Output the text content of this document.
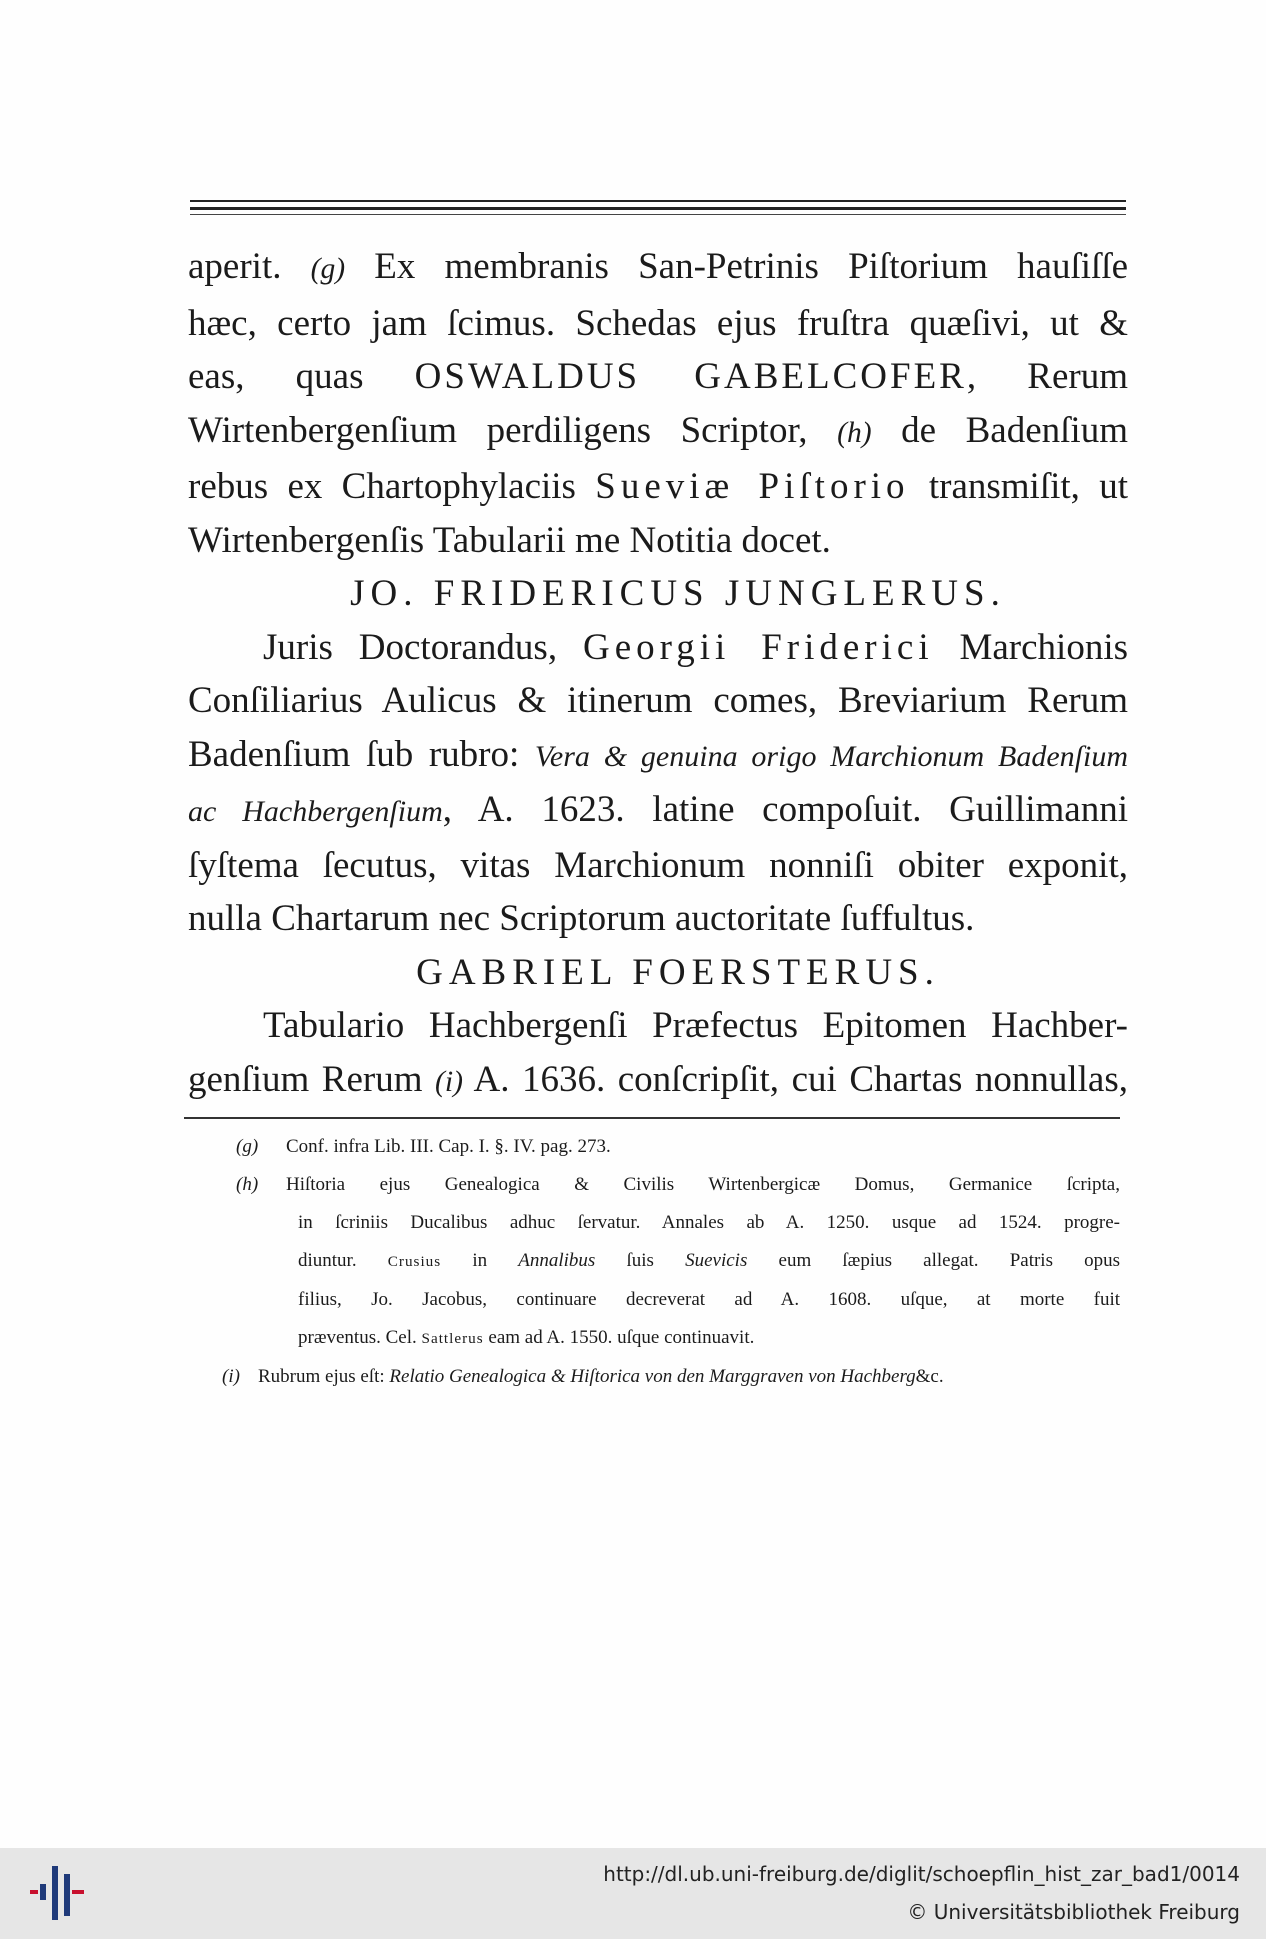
aperit. (g) Ex membranis San-Petrinis Piſtorium hauſiſſe
hæc, certo jam ſcimus. Schedas ejus fruſtra quæſivi, ut &
eas, quas OSWALDUS GABELCOFER, Rerum
Wirtenbergenſium perdiligens Scriptor, (h) de Badenſium
rebus ex Chartophylaciis Sueviæ Piſtorio transmiſit, ut
Wirtenbergenſis Tabularii me Notitia docet.
JO. FRIDERICUS JUNGLERUS.
Juris Doctorandus, Georgii Friderici Marchionis
Conſiliarius Aulicus & itinerum comes, Breviarium Rerum
Badenſium ſub rubro: Vera & genuina origo Marchionum Badenſium
ac Hachbergenſium, A. 1623. latine compoſuit. Guillimanni
ſyſtema ſecutus, vitas Marchionum nonniſi obiter exponit,
nulla Chartarum nec Scriptorum auctoritate ſuffultus.
GABRIEL FOERSTERUS.
Tabulario Hachbergenſi Præfectus Epitomen Hachber-
genſium Rerum (i) A. 1636. conſcripſit, cui Chartas nonnullas,
(g) Conf. infra Lib. III. Cap. I. §. IV. pag. 273.
(h) Hiſtoria ejus Genealogica & Civilis Wirtenbergicæ Domus, Germanice ſcripta,
in ſcriniis Ducalibus adhuc ſervatur. Annales ab A. 1250. usque ad 1524. progre-
diuntur. Crusius in Annalibus ſuis Suevicis eum ſæpius allegat. Patris opus
filius, Jo. Jacobus, continuare decreverat ad A. 1608. uſque, at morte fuit
præventus. Cel. Sattlerus eam ad A. 1550. uſque continuavit.
(i) Rubrum ejus eſt: Relatio Genealogica & Hiſtorica von den Marggraven von Hachberg&c.
http://dl.ub.uni-freiburg.de/diglit/schoepflin_hist_zar_bad1/0014
© Universitätsbibliothek Freiburg
